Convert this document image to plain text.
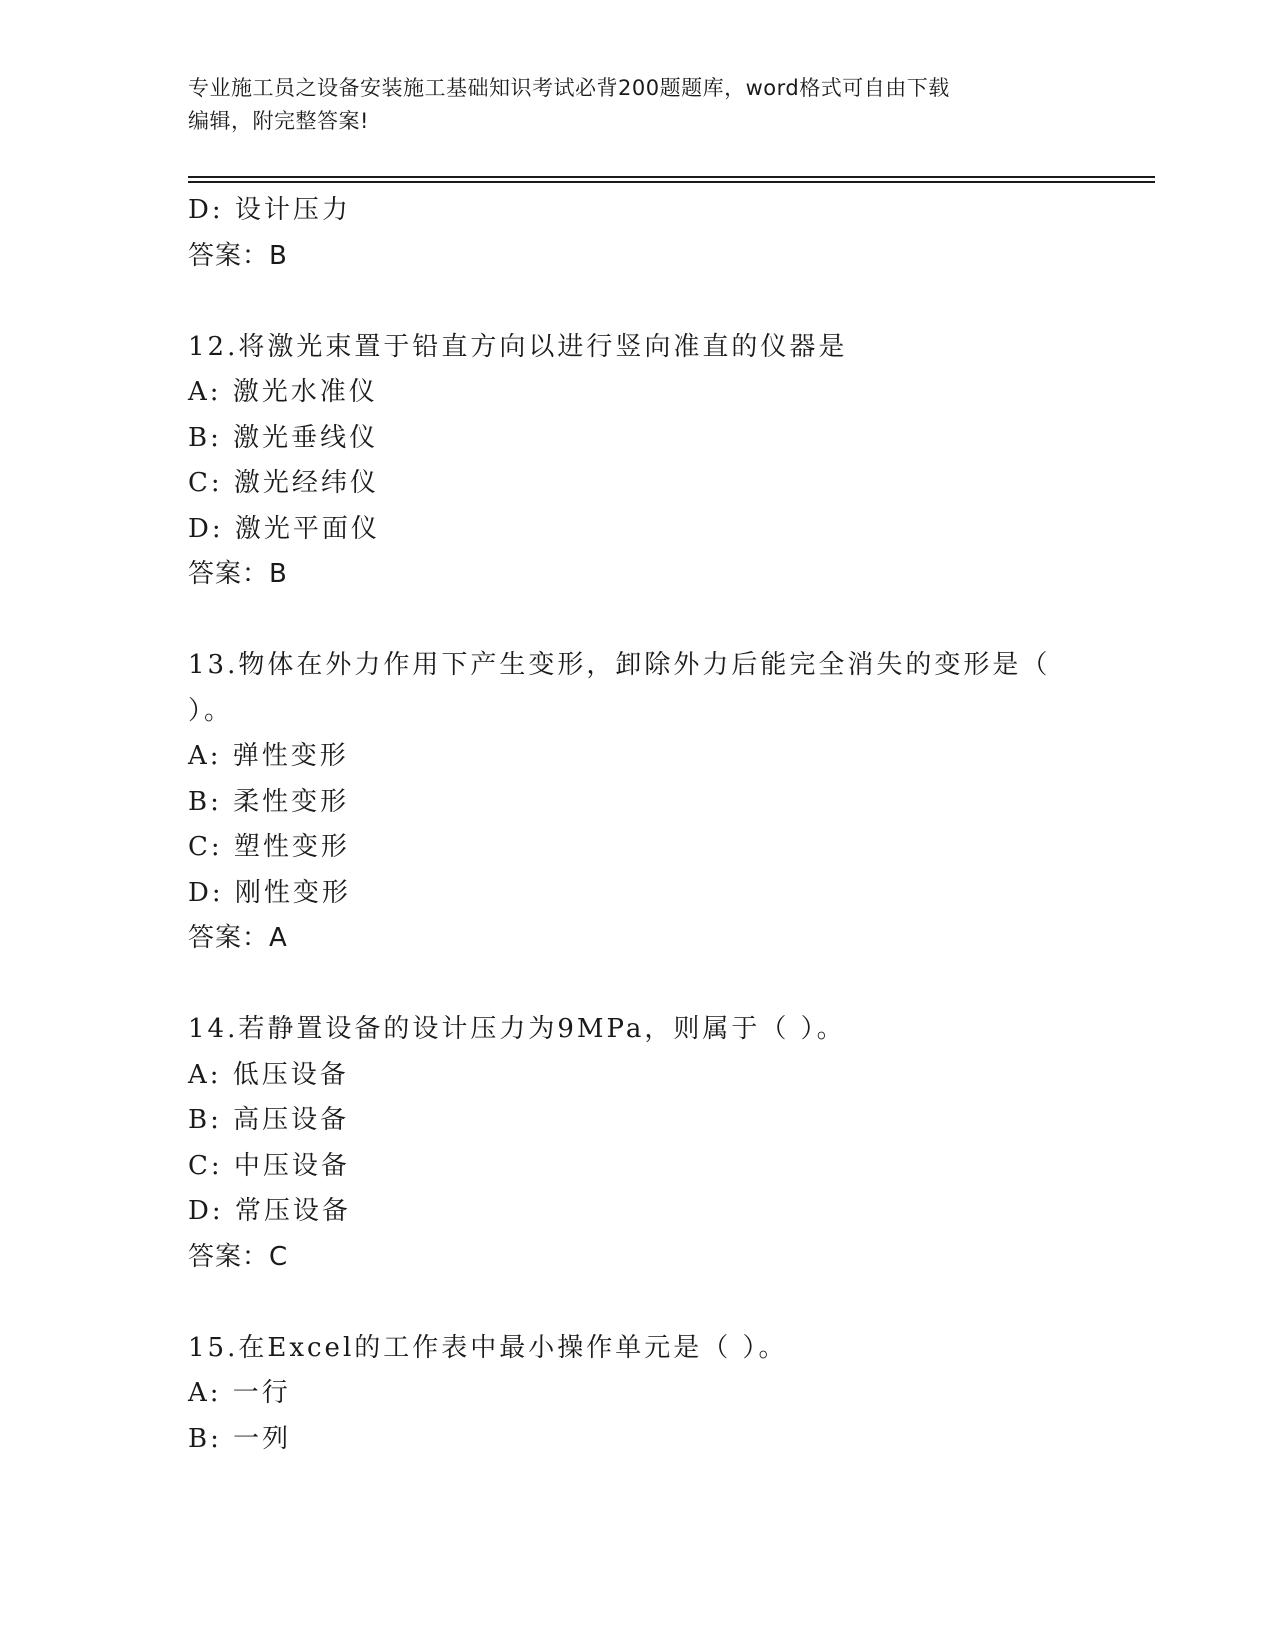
专业施工员之设备安装施工基础知识考试必背200题题库，word格式可自由下载
编辑，附完整答案!
D: 设计压力
答案：B
12.将激光束置于铅直方向以进行竖向准直的仪器是
A: 激光水准仪
B: 激光垂线仪
C: 激光经纬仪
D: 激光平面仪
答案：B
13.物体在外力作用下产生变形，卸除外力后能完全消失的变形是（
）。
A: 弹性变形
B: 柔性变形
C: 塑性变形
D: 刚性变形
答案：A
14.若静置设备的设计压力为9MPa，则属于（ ）。
A: 低压设备
B: 高压设备
C: 中压设备
D: 常压设备
答案：C
15.在Excel的工作表中最小操作单元是（ ）。
A: 一行
B: 一列
